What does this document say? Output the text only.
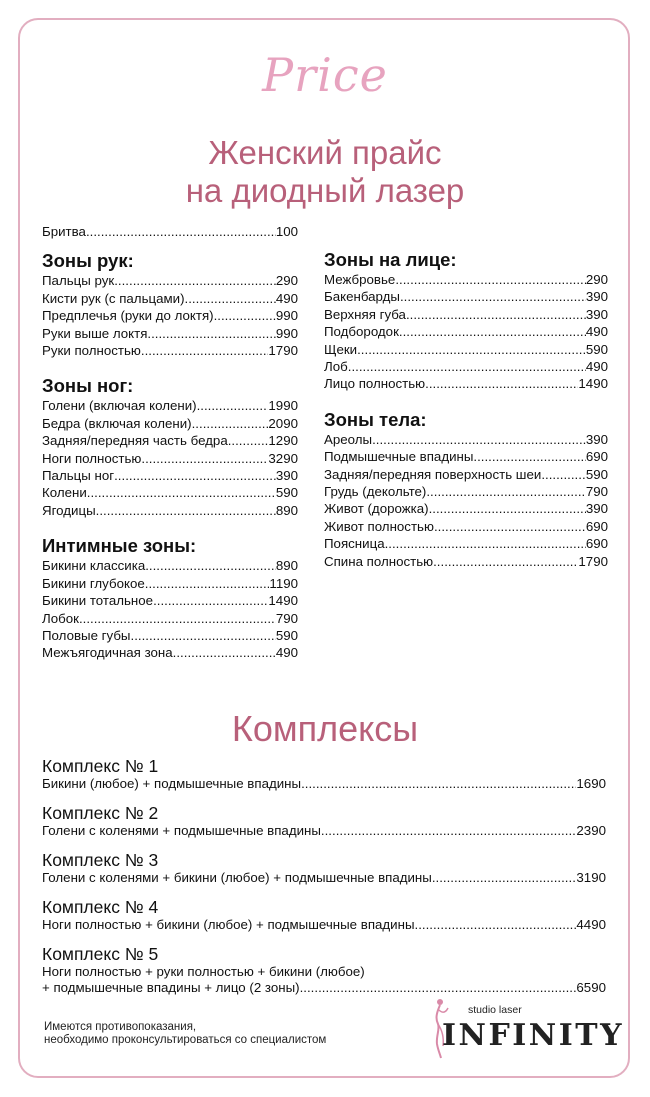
Price
Женский прайс
на диодный лазер
Бритва .....	100
Зоны рук:
Пальцы рук .....	290
Кисти рук (с пальцами) .....	490
Предплечья (руки до локтя) .....	990
Руки выше локтя .....	990
Руки полностью .....	1790
Зоны ног:
Голени (включая колени) .....	1990
Бедра (включая колени) .....	2090
Задняя/передняя часть бедра .....	1290
Ноги полностью .....	3290
Пальцы ног .....	390
Колени .....	590
Ягодицы .....	890
Интимные зоны:
Бикини классика .....	890
Бикини глубокое .....	1190
Бикини тотальное .....	1490
Лобок .....	790
Половые губы .....	590
Межъягодичная зона .....	490
Зоны на лице:
Межбровье .....	290
Бакенбарды .....	390
Верхняя губа .....	390
Подбородок .....	490
Щеки .....	590
Лоб .....	490
Лицо полностью .....	1490
Зоны тела:
Ареолы .....	390
Подмышечные впадины .....	690
Задняя/передняя поверхность шеи .....	590
Грудь (декольте) .....	790
Живот (дорожка) .....	390
Живот полностью .....	690
Поясница .....	690
Спина полностью .....	1790
Комплексы
Комплекс № 1
Бикини (любое) + подмышечные впадины .....	1690
Комплекс № 2
Голени с коленями + подмышечные впадины .....	2390
Комплекс № 3
Голени с коленями + бикини (любое) + подмышечные впадины .....	3190
Комплекс № 4
Ноги полностью + бикини (любое) + подмышечные впадины .....	4490
Комплекс № 5
Ноги полностью + руки полностью + бикини (любое)
+ подмышечные впадины + лицо (2 зоны) .....	6590
Имеются противопоказания,
необходимо проконсультироваться со специалистом
studio laser
INFINITY
